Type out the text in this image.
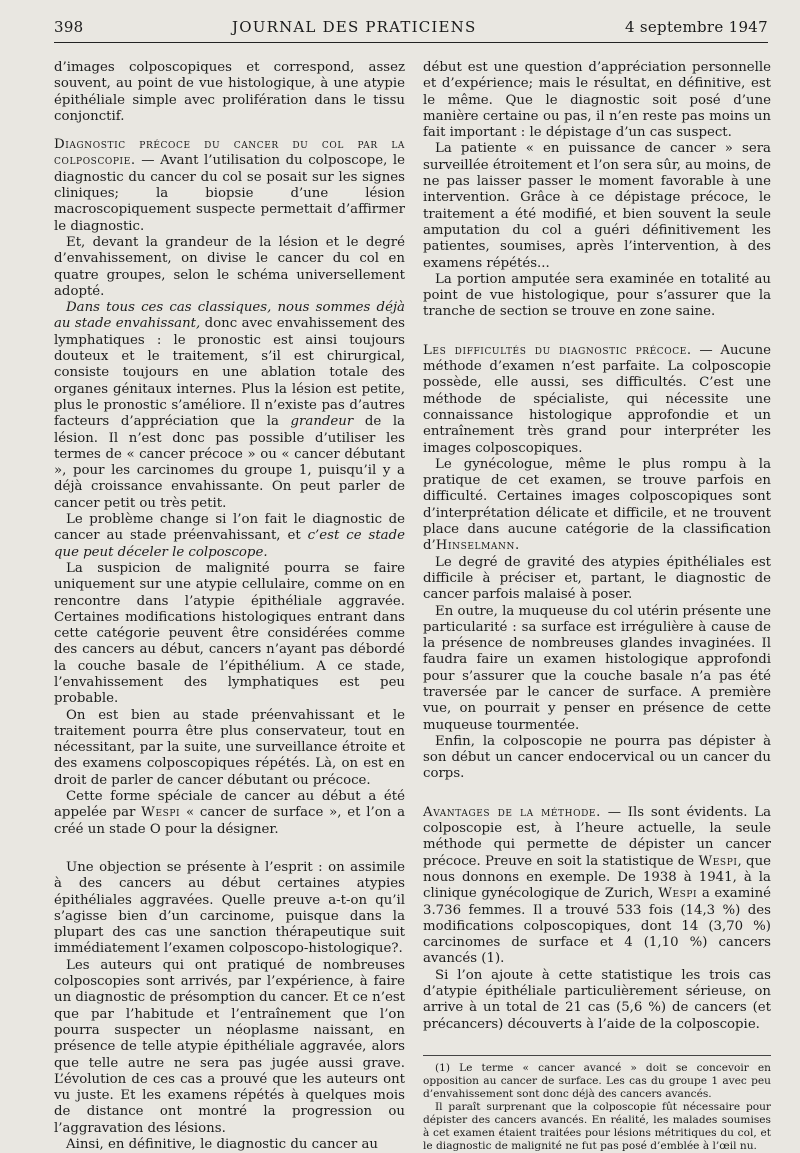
398	JOURNAL DES PRATICIENS	4 septembre 1947

d’images colposcopiques et correspond, assez souvent, au point de vue histologique, à une atypie épithéliale simple avec prolifération dans le tissu conjonctif.

Diagnostic précoce du cancer du col par la colposcopie. — Avant l’utilisation du colposcope, le diagnostic du cancer du col se posait sur les signes cliniques; la biopsie d’une lésion macroscopiquement suspecte permettait d’affirmer le diagnostic.

Et, devant la grandeur de la lésion et le degré d’envahissement, on divise le cancer du col en quatre groupes, selon le schéma universellement adopté.

Dans tous ces cas classiques, nous sommes déjà au stade envahissant, donc avec envahissement des lymphatiques : le pronostic est ainsi toujours douteux et le traitement, s’il est chirurgical, consiste toujours en une ablation totale des organes génitaux internes. Plus la lésion est petite, plus le pronostic s’améliore. Il n’existe pas d’autres facteurs d’appréciation que la grandeur de la lésion. Il n’est donc pas possible d’utiliser les termes de « cancer précoce » ou « cancer débutant », pour les carcinomes du groupe 1, puisqu’il y a déjà croissance envahissante. On peut parler de cancer petit ou très petit.

Le problème change si l’on fait le diagnostic de cancer au stade préenvahissant, et c’est ce stade que peut déceler le colposcope.

La suspicion de malignité pourra se faire uniquement sur une atypie cellulaire, comme on en rencontre dans l’atypie épithéliale aggravée. Certaines modifications histologiques entrant dans cette catégorie peuvent être considérées comme des cancers au début, cancers n’ayant pas débordé la couche basale de l’épithélium. A ce stade, l’envahissement des lymphatiques est peu probable.

On est bien au stade préenvahissant et le traitement pourra être plus conservateur, tout en nécessitant, par la suite, une surveillance étroite et des examens colposcopiques répétés. Là, on est en droit de parler de cancer débutant ou précoce.

Cette forme spéciale de cancer au début a été appelée par Wespi « cancer de surface », et l’on a créé un stade O pour la désigner.

Une objection se présente à l’esprit : on assimile à des cancers au début certaines atypies épithéliales aggravées. Quelle preuve a-t-on qu’il s’agisse bien d’un carcinome, puisque dans la plupart des cas une sanction thérapeutique suit immédiatement l’examen colposcopo-histologique?.

Les auteurs qui ont pratiqué de nombreuses colposcopies sont arrivés, par l’expérience, à faire un diagnostic de présomption du cancer. Et ce n’est que par l’habitude et l’entraînement que l’on pourra suspecter un néoplasme naissant, en présence de telle atypie épithéliale aggravée, alors que telle autre ne sera pas jugée aussi grave. L’évolution de ces cas a prouvé que les auteurs ont vu juste. Et les examens répétés à quelques mois de distance ont montré la progression ou l’aggravation des lésions.

Ainsi, en définitive, le diagnostic du cancer au

début est une question d’appréciation personnelle et d’expérience; mais le résultat, en définitive, est le même. Que le diagnostic soit posé d’une manière certaine ou pas, il n’en reste pas moins un fait important : le dépistage d’un cas suspect.

La patiente « en puissance de cancer » sera surveillée étroitement et l’on sera sûr, au moins, de ne pas laisser passer le moment favorable à une intervention. Grâce à ce dépistage précoce, le traitement a été modifié, et bien souvent la seule amputation du col a guéri définitivement les patientes, soumises, après l’intervention, à des examens répétés...

La portion amputée sera examinée en totalité au point de vue histologique, pour s’assurer que la tranche de section se trouve en zone saine.

Les difficultés du diagnostic précoce. — Aucune méthode d’examen n’est parfaite. La colposcopie possède, elle aussi, ses difficultés. C’est une méthode de spécialiste, qui nécessite une connaissance histologique approfondie et un entraînement très grand pour interpréter les images colposcopiques.

Le gynécologue, même le plus rompu à la pratique de cet examen, se trouve parfois en difficulté. Certaines images colposcopiques sont d’interprétation délicate et difficile, et ne trouvent place dans aucune catégorie de la classification d’Hinselmann.

Le degré de gravité des atypies épithéliales est difficile à préciser et, partant, le diagnostic de cancer parfois malaisé à poser.

En outre, la muqueuse du col utérin présente une particularité : sa surface est irrégulière à cause de la présence de nombreuses glandes invaginées. Il faudra faire un examen histologique approfondi pour s’assurer que la couche basale n’a pas été traversée par le cancer de surface. A première vue, on pourrait y penser en présence de cette muqueuse tourmentée.

Enfin, la colposcopie ne pourra pas dépister à son début un cancer endocervical ou un cancer du corps.

Avantages de la méthode. — Ils sont évidents. La colposcopie est, à l’heure actuelle, la seule méthode qui permette de dépister un cancer précoce. Preuve en soit la statistique de Wespi, que nous donnons en exemple. De 1938 à 1941, à la clinique gynécologique de Zurich, Wespi a examiné 3.736 femmes. Il a trouvé 533 fois (14,3 %) des modifications colposcopiques, dont 14 (3,70 %) carcinomes de surface et 4 (1,10 %) cancers avancés (1).

Si l’on ajoute à cette statistique les trois cas d’atypie épithéliale particulièrement sérieuse, on arrive à un total de 21 cas (5,6 %) de cancers (et précancers) découverts à l’aide de la colposcopie.

(1) Le terme « cancer avancé » doit se concevoir en opposition au cancer de surface. Les cas du groupe 1 avec peu d’envahissement sont donc déjà des cancers avancés.

Il paraît surprenant que la colposcopie fût nécessaire pour dépister des cancers avancés. En réalité, les malades soumises à cet examen étaient traitées pour lésions métritiques du col, et le diagnostic de malignité ne fut pas posé d’emblée à l’œil nu.
